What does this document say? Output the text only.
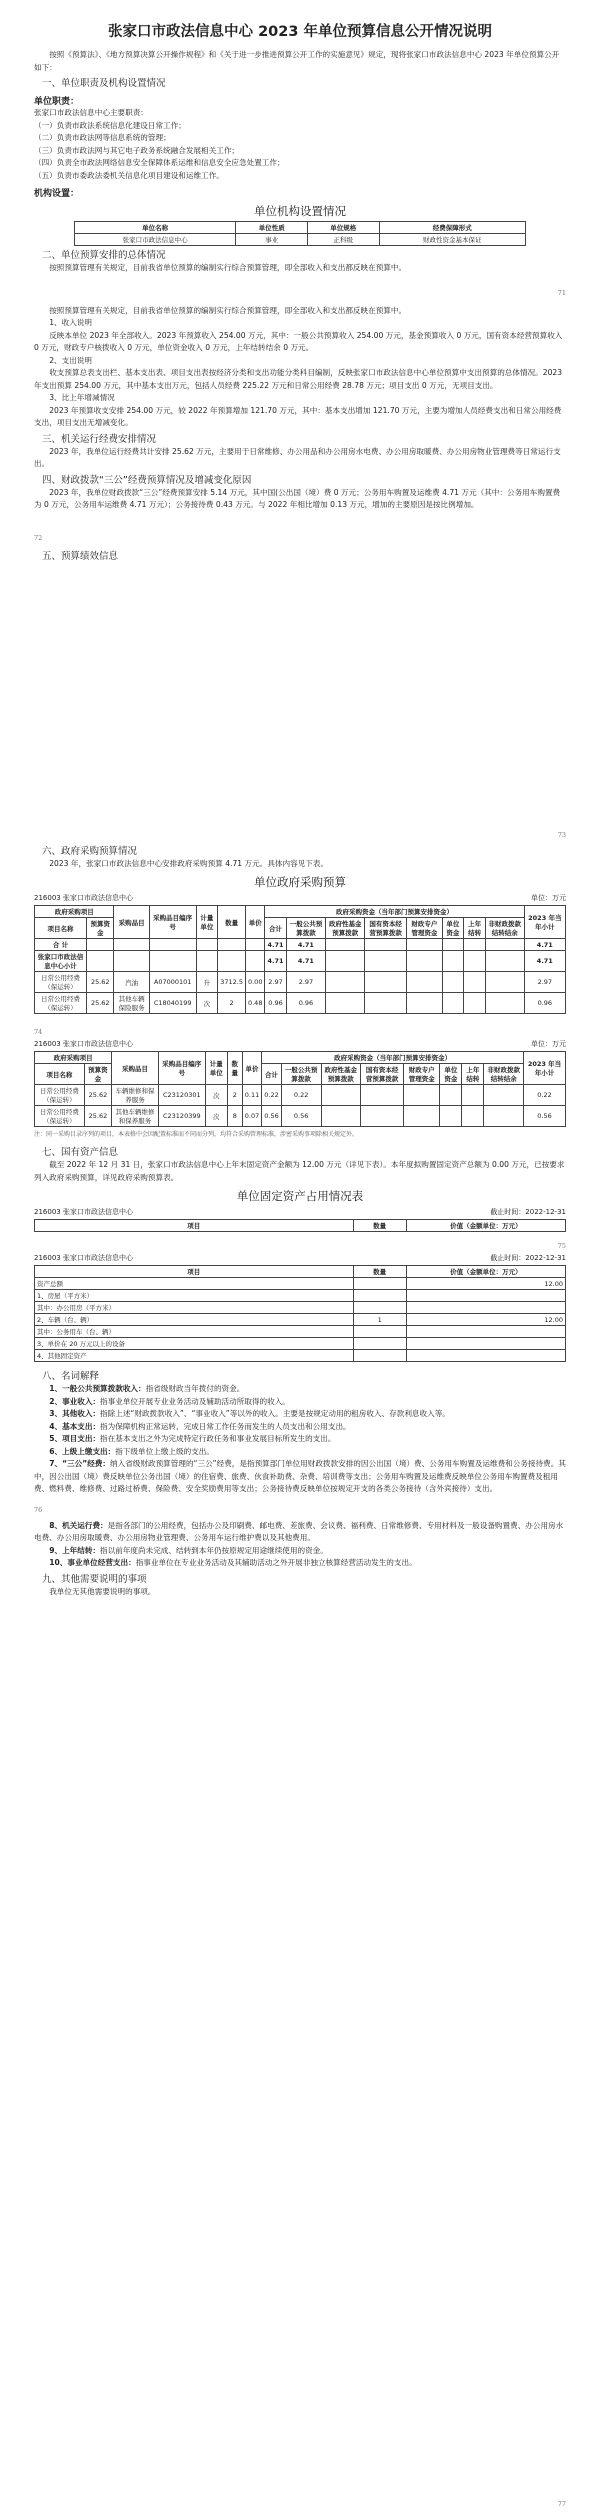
张家口市政法信息中心 2023 年单位预算信息公开情况说明
按照《预算法》、《地方预算决算公开操作规程》和《关于进一步推进预算公开工作的实施意见》规定，现将张家口市政法信息中心 2023 年单位预算公开如下：
一、单位职责及机构设置情况
单位职责：
张家口市政法信息中心主要职责：
（一）负责市政法系统信息化建设日常工作；
（二）负责市政法网等信息系统的管理；
（三）负责市政法网与其它电子政务系统融合发展相关工作；
（四）负责全市政法网络信息安全保障体系运维和信息安全应急处置工作；
（五）负责市委政法委机关信息化项目建设和运维工作。
机构设置：
单位机构设置情况
单位名称	单位性质	单位规格	经费保障形式
张家口市政法信息中心	事业	正科级	财政性资金基本保证
二、单位预算安排的总体情况
按照预算管理有关规定，目前我省单位预算的编制实行综合预算管理，即全部收入和支出都反映在预算中。
71
按照预算管理有关规定，目前我省单位预算的编制实行综合预算管理，即全部收入和支出都反映在预算中。
1、收入说明
反映本单位 2023 年全部收入。2023 年预算收入 254.00 万元，其中：一般公共预算收入 254.00 万元，基金预算收入 0 万元，国有资本经营预算收入 0 万元，财政专户核拨收入 0 万元，单位资金收入 0 万元，上年结转结余 0 万元。
2、支出说明
收支预算总表支出栏、基本支出表、项目支出表按经济分类和支出功能分类科目编制，反映张家口市政法信息中心单位预算中支出预算的总体情况。2023 年支出预算 254.00 万元，其中基本支出万元，包括人员经费 225.22 万元和日常公用经费 28.78 万元；项目支出 0 万元，无项目支出。
3、比上年增减情况
2023 年预算收支安排 254.00 万元，较 2022 年预算增加 121.70 万元，其中：基本支出增加 121.70 万元，主要为增加人员经费支出和日常公用经费支出，项目支出无增减变化。
三、机关运行经费安排情况
2023 年，我单位运行经费共计安排 25.62 万元，主要用于日常维修、办公用品和办公用房水电费、办公用房取暖费、办公用房物业管理费等日常运行支出。
四、财政拨款“三公”经费预算情况及增减变化原因
2023 年，我单位财政拨款“三公”经费预算安排 5.14 万元，其中国(公出国（境）费 0 万元；公务用车购置及运维费 4.71 万元（其中：公务用车购置费为 0 万元，公务用车运维费 4.71 万元）；公务接待费 0.43 万元。与 2022 年相比增加 0.13 万元，增加的主要原因是按比例增加。
72
五、预算绩效信息
73
六、政府采购预算情况
2023 年，张家口市政法信息中心安排政府采购预算 4.71 万元。具体内容见下表。
单位政府采购预算
216003 张家口市政法信息中心	单位：万元
政府采购项目		采购品目	采购品目编序号	计量单位	数量	单价	政府采购资金（当年部门预算安排资金）								2023 年当年小计
项目名称	预算资金						合计	一般公共预算拨款	政府性基金预算拨款	国有资本经营预算拨款	财政专户管理资金	单位资金	上年结转	非财政拨款结转结余	
合 计							4.71	4.71							4.71
张家口市政法信息中心小计							4.71	4.71							4.71
日常公用经费（保运转）	25.62	汽油	A07000101	升	3712.5	0.00	2.97	2.97							2.97
日常公用经费（保运转）	25.62	其他车辆保险服务	C18040199	次	2	0.48	0.96	0.96							0.96
74
216003 张家口市政法信息中心	单位：万元
政府采购项目		采购品目	采购品目编序号	计量单位	数量	单价	政府采购资金（当年部门预算安排资金）								2023 年当年小计
项目名称	预算资金						合计	一般公共预算拨款	政府性基金预算拨款	国有资本经营预算拨款	财政专户管理资金	单位资金	上年结转	非财政拨款结转结余	
日常公用经费（保运转）	25.62	车辆维修和保养服务	C23120301	次	2	0.11	0.22	0.22							0.22
日常公用经费（保运转）	25.62	其他车辆维修和保养服务	C23120399	次	8	0.07	0.56	0.56							0.56
注：同一采购目录序列的项目，本表格中会因配置标准而不同而分列，均符合采购管理标准，涉密采购事项除相关规定外。
七、国有资产信息
截至 2022 年 12 月 31 日，张家口市政法信息中心上年末固定资产金额为 12.00 万元（详见下表）。本年度拟购置固定资产总额为 0.00 万元，已按要求列入政府采购预算，详见政府采购预算表。
单位固定资产占用情况表
216003 张家口市政法信息中心	截止时间：2022-12-31
项目	数量	价值（金额单位：万元）
75
216003 张家口市政法信息中心	截止时间：2022-12-31
项目	数量	价值（金额单位：万元）
资产总额		12.00
1、房屋（平方米）		
其中：办公用房（平方米）		
2、车辆（台、辆）	1	12.00
其中：公务用车（台、辆）		
3、单价在 20 万元以上的设备		
4、其他固定资产		
八、名词解释
1、一般公共预算拨款收入：指省级财政当年拨付的资金。
2、事业收入：指事业单位开展专业业务活动及辅助活动所取得的收入。
3、其他收入：指除上述“财政拨款收入”、“事业收入”等以外的收入。主要是按规定动用的租房收入、存款利息收入等。
4、基本支出：指为保障机构正常运转、完成日常工作任务而发生的人员支出和公用支出。
5、项目支出：指在基本支出之外为完成特定行政任务和事业发展目标所发生的支出。
6、上级上缴支出：指下级单位上缴上级的支出。
7、“三公”经费：纳入省级财政预算管理的“三公”经费，是指预算部门单位用财政拨款安排的因公出国（境）费、公务用车购置及运维费和公务接待费。其中，因公出国（境）费反映单位公务出国（境）的住宿费、旅费、伙食补助费、杂费、培训费等支出；公务用车购置及运维费反映单位公务用车购置费及租用费、燃料费、维修费、过路过桥费、保险费、安全奖励费用等支出；公务接待费反映单位按规定开支的各类公务接待（含外宾接待）支出。
76
8、机关运行费：是指各部门的公用经费，包括办公及印刷费、邮电费、差旅费、会议费、福利费、日常维修费、专用材料及一般设备购置费、办公用房水电费、办公用房取暖费、办公用房物业管理费、公务用车运行维护费以及其他费用。
9、上年结转：指以前年度尚未完成、结转到本年仍按原规定用途继续使用的资金。
10、事业单位经营支出：指事业单位在专业业务活动及其辅助活动之外开展非独立核算经营活动发生的支出。
九、其他需要说明的事项
我单位无其他需要说明的事项。
77
